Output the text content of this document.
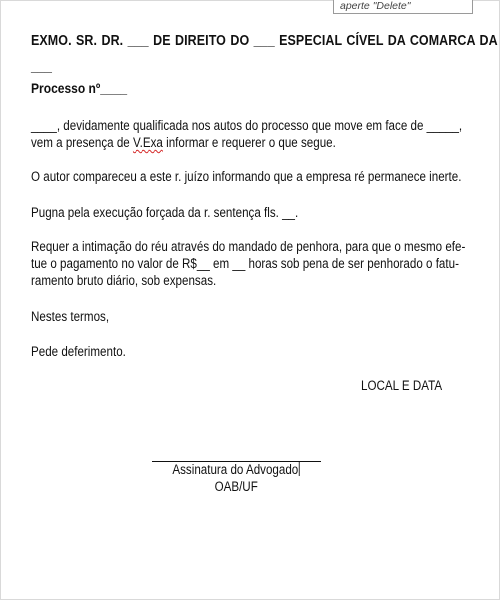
aperte "Delete"
EXMO. SR. DR. ___ DE DIREITO DO ___ ESPECIAL CÍVEL DA COMARCA DA
___
Processo nº____
____, devidamente qualificada nos autos do processo que move em face de _____,
vem a presença de V.Exa informar e requerer o que segue.
O autor compareceu a este r. juízo informando que a empresa ré permanece inerte.
Pugna pela execução forçada da r. sentença fls. __.
Requer a intimação do réu através do mandado de penhora, para que o mesmo efe-
tue o pagamento no valor de R$__ em __ horas sob pena de ser penhorado o fatu-
ramento bruto diário, sob expensas.
Nestes termos,
Pede deferimento.
LOCAL E DATA
Assinatura do Advogado
OAB/UF
